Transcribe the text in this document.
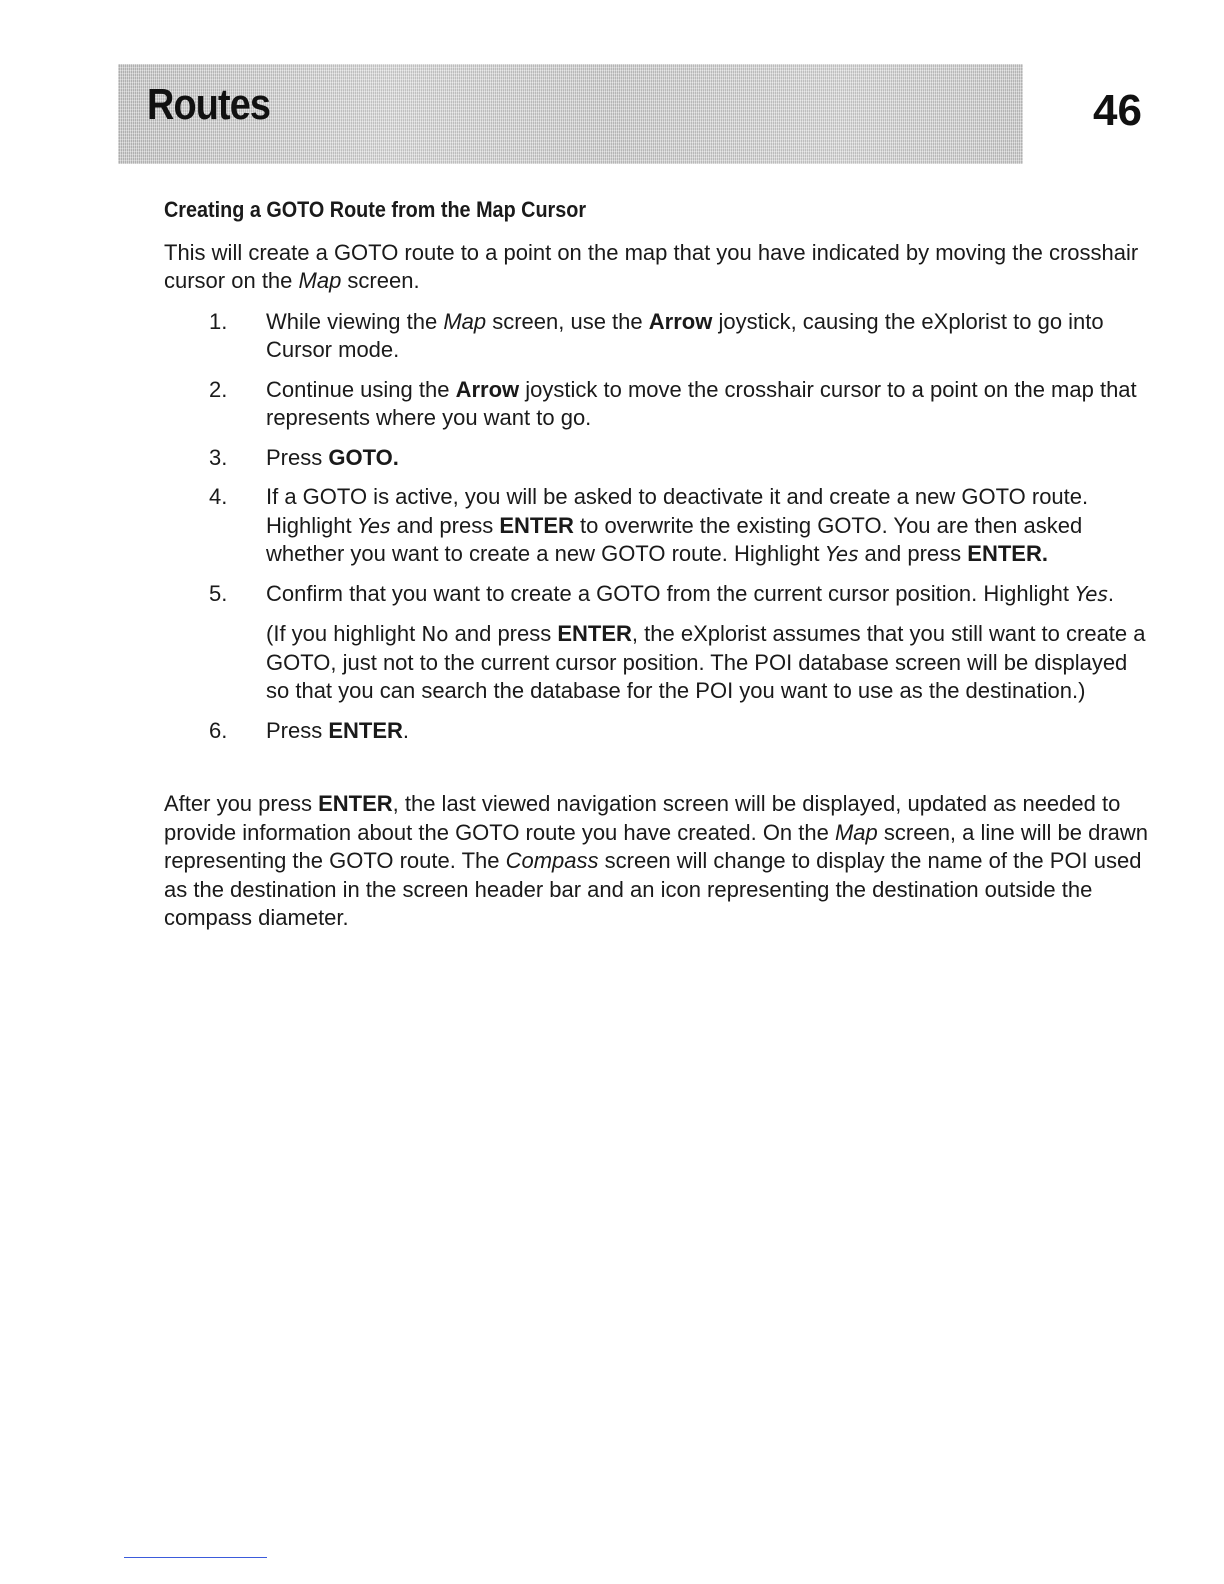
Routes	46
Creating a GOTO Route from the Map Cursor

This will create a GOTO route to a point on the map that you have indicated by moving the crosshair cursor on the Map screen.

1. While viewing the Map screen, use the Arrow joystick, causing the eXplorist to go into Cursor mode.
2. Continue using the Arrow joystick to move the crosshair cursor to a point on the map that represents where you want to go.
3. Press GOTO.
4. If a GOTO is active, you will be asked to deactivate it and create a new GOTO route. Highlight Yes and press ENTER to overwrite the existing GOTO. You are then asked whether you want to create a new GOTO route. Highlight Yes and press ENTER.
5. Confirm that you want to create a GOTO from the current cursor position. Highlight Yes.

(If you highlight No and press ENTER, the eXplorist assumes that you still want to create a GOTO, just not to the current cursor position. The POI database screen will be displayed so that you can search the database for the POI you want to use as the destination.)

6. Press ENTER.

After you press ENTER, the last viewed navigation screen will be displayed, updated as needed to provide information about the GOTO route you have created. On the Map screen, a line will be drawn representing the GOTO route. The Compass screen will change to display the name of the POI used as the destination in the screen header bar and an icon representing the destination outside the compass diameter.
